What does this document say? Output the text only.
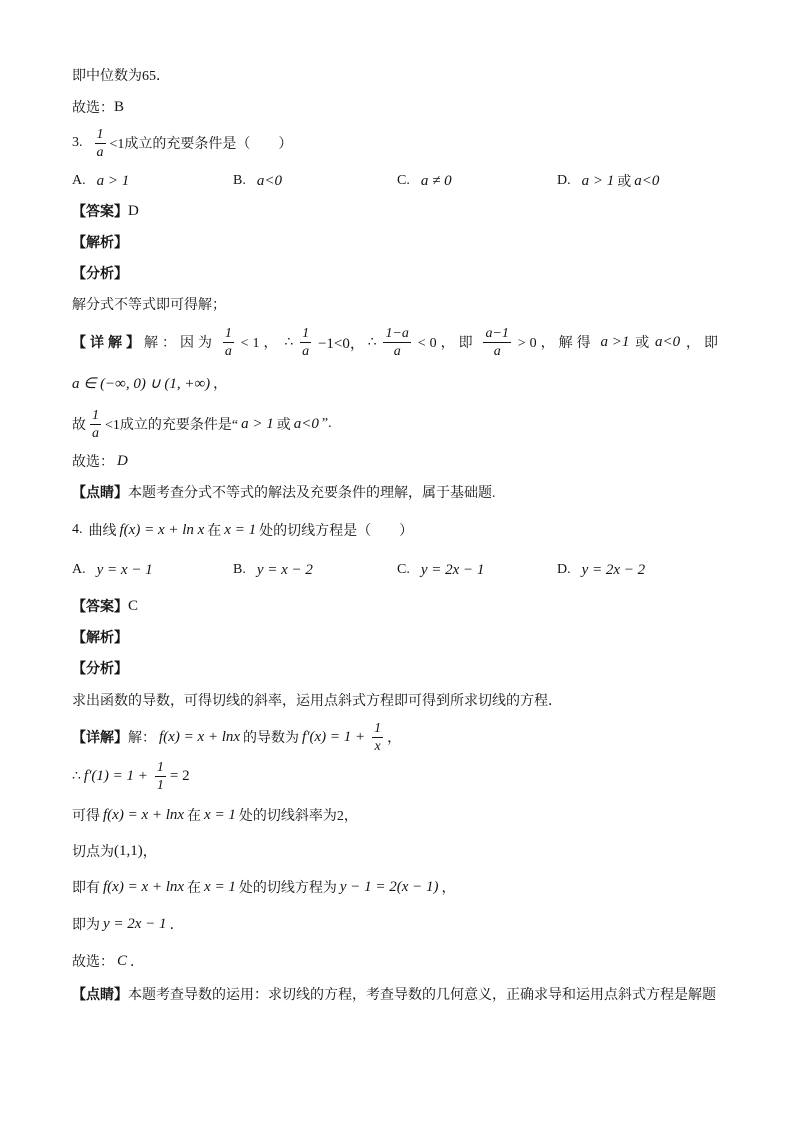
即中位数为65．
故选： B
3. $\frac{1}{a} <1$成立的充要条件是（　　）
A. a > 1	B. a<0	C. a ≠ 0	D. a > 1 或 a<0
【答案】 D
【解析】
【分析】
解分式不等式即可得解；
【详解】解：因为 $\frac{1}{a} <1$， ∴ $\frac{1}{a} -1<0$， ∴ $\frac{1-a}{a} <0$，即 $\frac{a-1}{a} >0$，解得 a >1 或 a<0 ，即
a ∈ (−∞, 0) ∪ (1, +∞) ，
故 $\frac{1}{a} <1$成立的充要条件是“ a > 1 或 a<0 ”.
故选： D
【点睛】 本题考查分式不等式的解法及充要条件的理解，属于基础题.
4. 曲线 f(x) = x + ln x 在 x = 1 处的切线方程是（　　）
A. y = x − 1	B. y = x − 2	C. y = 2x − 1	D. y = 2x − 2
【答案】 C
【解析】
【分析】
求出函数的导数，可得切线的斜率，运用点斜式方程即可得到所求切线的方程．
【详解】 解： f(x) = x + lnx 的导数为 $f'(x) = 1 + \frac{1}{x}$ ，
∴ $f'(1) = 1 + \frac{1}{1} = 2$
可得 f(x) = x + lnx 在 x = 1 处的切线斜率为2，
切点为 (1,1) ，
即有 f(x) = x + lnx 在 x = 1 处的切线方程为 y − 1 = 2(x − 1) ，
即为 y = 2x − 1 ．
故选： C ．
【点睛】 本题考查导数的运用：求切线的方程，考查导数的几何意义，正确求导和运用点斜式方程是解题
